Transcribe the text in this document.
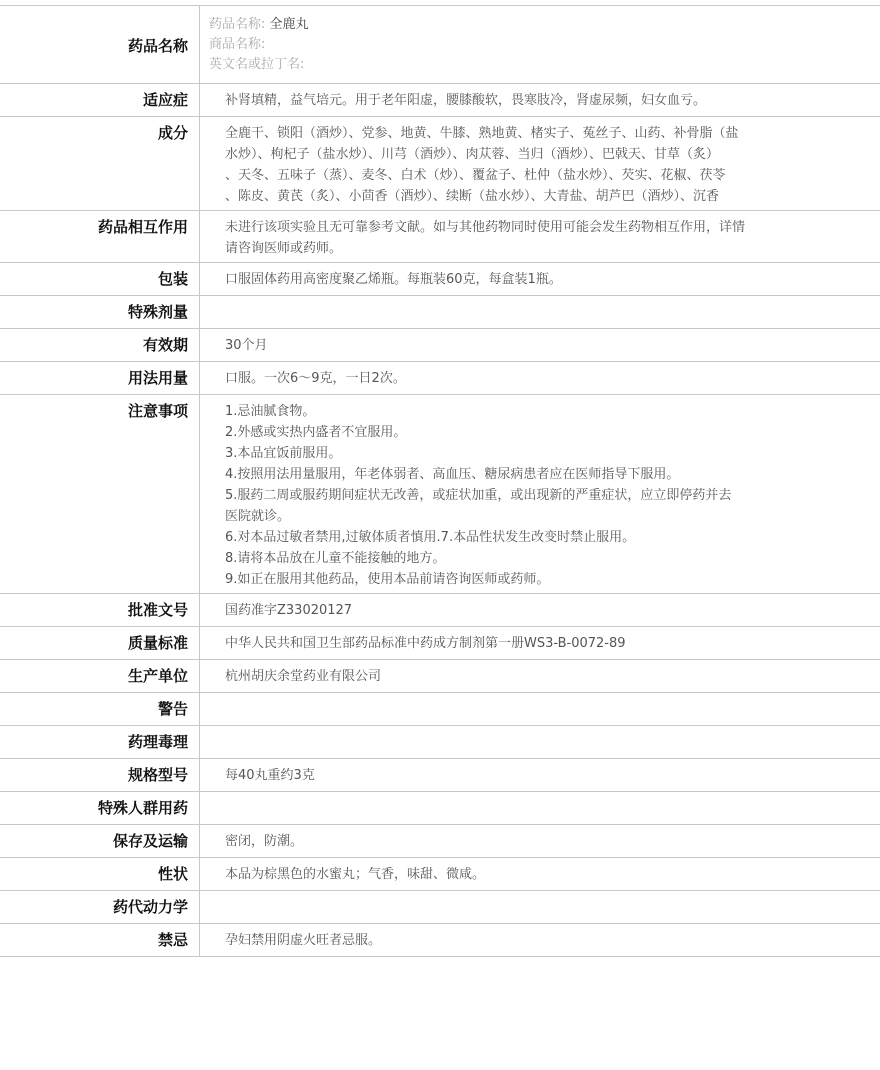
药品名称
药品名称: 全鹿丸
商品名称:
英文名或拉丁名:
适应症	补肾填精，益气培元。用于老年阳虚，腰膝酸软，畏寒肢冷，肾虚尿频，妇女血亏。
成分	全鹿干、锁阳（酒炒）、党参、地黄、牛膝、熟地黄、楮实子、菟丝子、山药、补骨脂（盐
水炒）、枸杞子（盐水炒）、川芎（酒炒）、肉苁蓉、当归（酒炒）、巴戟天、甘草（炙）
、天冬、五味子（蒸）、麦冬、白术（炒）、覆盆子、杜仲（盐水炒）、芡实、花椒、茯苓
、陈皮、黄芪（炙）、小茴香（酒炒）、续断（盐水炒）、大青盐、胡芦巴（酒炒）、沉香
药品相互作用	未进行该项实验且无可靠参考文献。如与其他药物同时使用可能会发生药物相互作用，详情
请咨询医师或药师。
包装	口服固体药用高密度聚乙烯瓶。每瓶装60克，每盒装1瓶。
特殊剂量
有效期	30个月
用法用量	口服。一次6～9克，一日2次。
注意事项	1.忌油腻食物。
2.外感或实热内盛者不宜服用。
3.本品宜饭前服用。
4.按照用法用量服用，年老体弱者、高血压、糖尿病患者应在医师指导下服用。
5.服药二周或服药期间症状无改善，或症状加重，或出现新的严重症状，应立即停药并去
医院就诊。
6.对本品过敏者禁用,过敏体质者慎用.7.本品性状发生改变时禁止服用。
8.请将本品放在儿童不能接触的地方。
9.如正在服用其他药品，使用本品前请咨询医师或药师。
批准文号	国药准字Z33020127
质量标准	中华人民共和国卫生部药品标准中药成方制剂第一册WS3-B-0072-89
生产单位	杭州胡庆余堂药业有限公司
警告
药理毒理
规格型号	每40丸重约3克
特殊人群用药
保存及运输	密闭，防潮。
性状	本品为棕黑色的水蜜丸；气香，味甜、微咸。
药代动力学
禁忌	孕妇禁用阴虚火旺者忌服。
